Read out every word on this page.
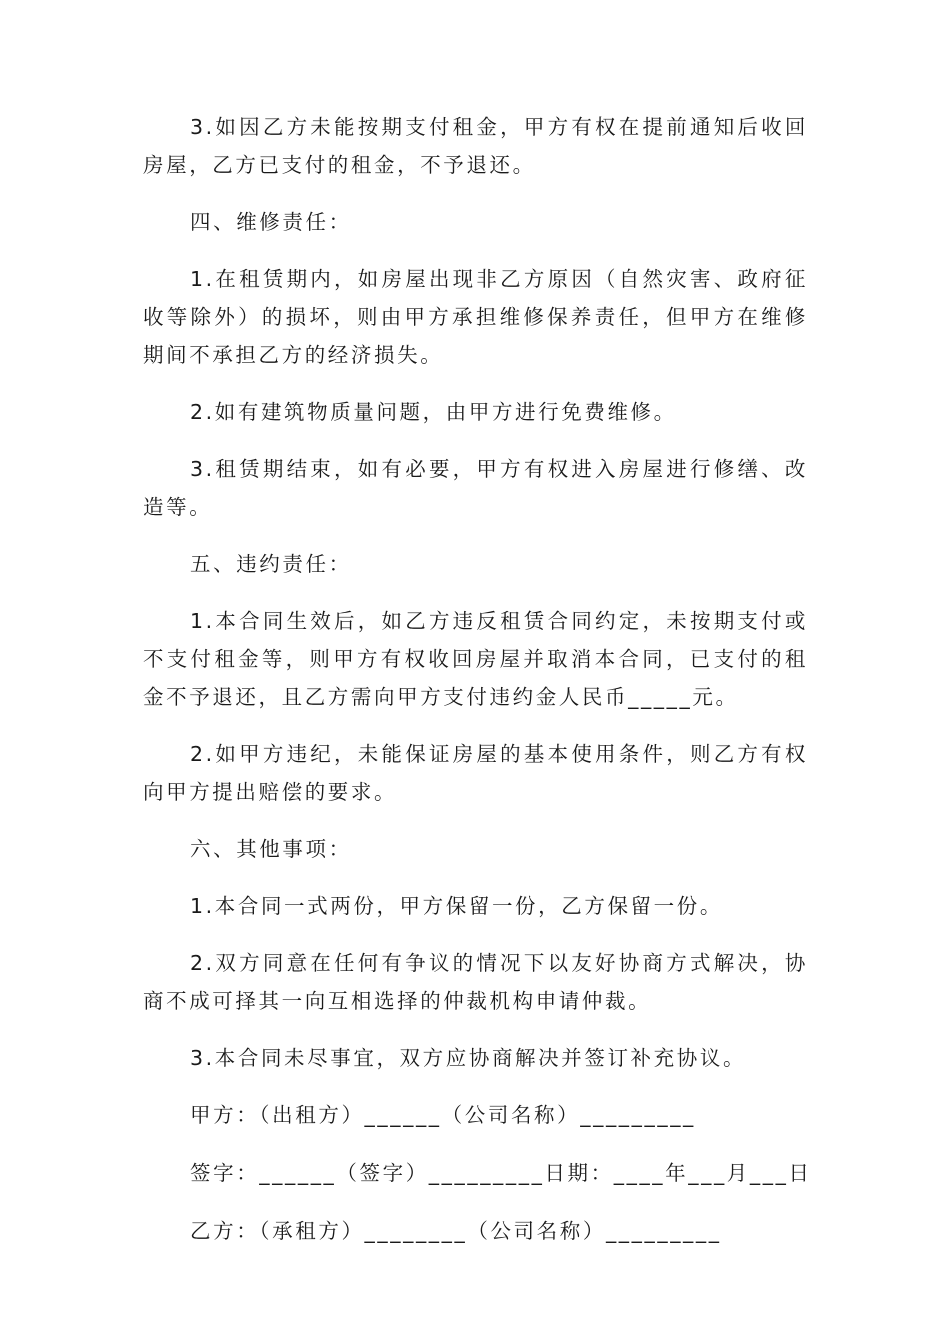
3.如因乙方未能按期支付租金，甲方有权在提前通知后收回房屋，乙方已支付的租金，不予退还。

四、维修责任：

1.在租赁期内，如房屋出现非乙方原因（自然灾害、政府征收等除外）的损坏，则由甲方承担维修保养责任，但甲方在维修期间不承担乙方的经济损失。

2.如有建筑物质量问题，由甲方进行免费维修。

3.租赁期结束，如有必要，甲方有权进入房屋进行修缮、改造等。

五、违约责任：

1.本合同生效后，如乙方违反租赁合同约定，未按期支付或不支付租金等，则甲方有权收回房屋并取消本合同，已支付的租金不予退还，且乙方需向甲方支付违约金人民币_____元。

2.如甲方违纪，未能保证房屋的基本使用条件，则乙方有权向甲方提出赔偿的要求。

六、其他事项：

1.本合同一式两份，甲方保留一份，乙方保留一份。

2.双方同意在任何有争议的情况下以友好协商方式解决，协商不成可择其一向互相选择的仲裁机构申请仲裁。

3.本合同未尽事宜，双方应协商解决并签订补充协议。

甲方：（出租方）______（公司名称）_________

签字：______（签字）_________日期：____年___月___日

乙方：（承租方）________（公司名称）_________
